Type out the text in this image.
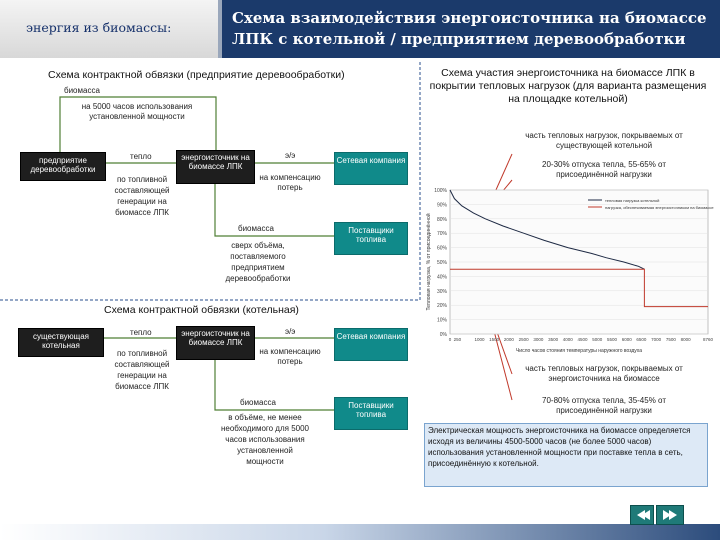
энергия из биомассы:
Схема взаимодействия энергоисточника на биомассе
ЛПК с котельной / предприятием деревообработки
Схема контрактной обвязки (предприятие деревообработки)
биомасса
на 5000 часов использования установленной мощности
предприятие деревообработки
тепло	энергоисточник на биомассе ЛПК
по топливной составляющей генерации на биомассе ЛПК
э/э
на компенсацию потерь
Сетевая компания
биомасса	Поставщики топлива
сверх объёма, поставляемого предприятием деревообработки
Схема контрактной обвязки (котельная)
существующая котельная
тепло	энергоисточник на биомассе ЛПК
по топливной составляющей генерации на биомассе ЛПК
э/э
на компенсацию потерь
Сетевая компания
биомасса	Поставщики топлива
в объёме, не менее необходимого для 5000 часов использования установленной мощности
Схема участия энергоисточника на биомассе ЛПК в покрытии тепловых нагрузок (для варианта размещения на площадке котельной)
часть тепловых нагрузок, покрываемых от существующей котельной
20-30% отпуска тепла, 55-65% от присоединённой нагрузки
часть тепловых нагрузок, покрываемых от энергоисточника на биомассе
70-80% отпуска тепла, 35-45% от присоединённой нагрузки
Электрическая мощность энергоисточника на биомассе определяется исходя из величины 4500-5000 часов (не более 5000 часов) использования установленной мощности при поставке тепла в сеть, присоединённую к котельной.
0%
10%
20%
30%
40%
50%
60%
70%
80%
90%
100%
0 250	1000 1500 2000 2500 3000 3500 4000 4500 5000 5500 6000 6500 7000 7500 8000	8760
тепловая нагрузка котельной
нагрузка, обеспечиваемая энергоисточником на биомассе
Число часов стояния температуры наружного воздуха
Тепловая нагрузка, % от присоединённой
